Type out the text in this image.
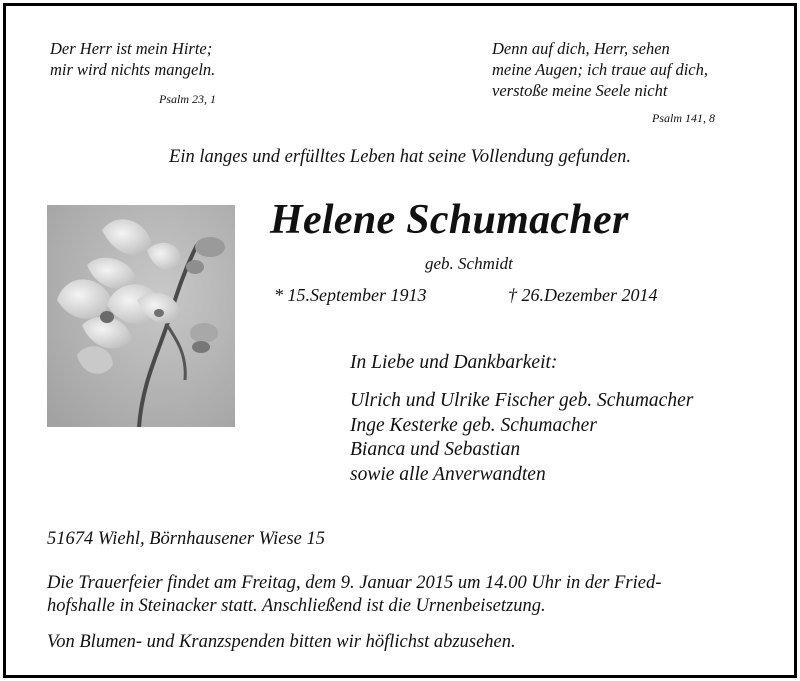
Der Herr ist mein Hirte;
mir wird nichts mangeln.
Psalm 23, 1
Denn auf dich, Herr, sehen
meine Augen; ich traue auf dich,
verstoße meine Seele nicht
Psalm 141, 8
Ein langes und erfülltes Leben hat seine Vollendung gefunden.
Helene Schumacher
geb. Schmidt
* 15.September 1913	† 26.Dezember 2014
In Liebe und Dankbarkeit:
Ulrich und Ulrike Fischer geb. Schumacher
Inge Kesterke geb. Schumacher
Bianca und Sebastian
sowie alle Anverwandten
51674 Wiehl, Börnhausener Wiese 15
Die Trauerfeier findet am Freitag, dem 9. Januar 2015 um 14.00 Uhr in der Fried-
hofshalle in Steinacker statt. Anschließend ist die Urnenbeisetzung.
Von Blumen- und Kranzspenden bitten wir höflichst abzusehen.
